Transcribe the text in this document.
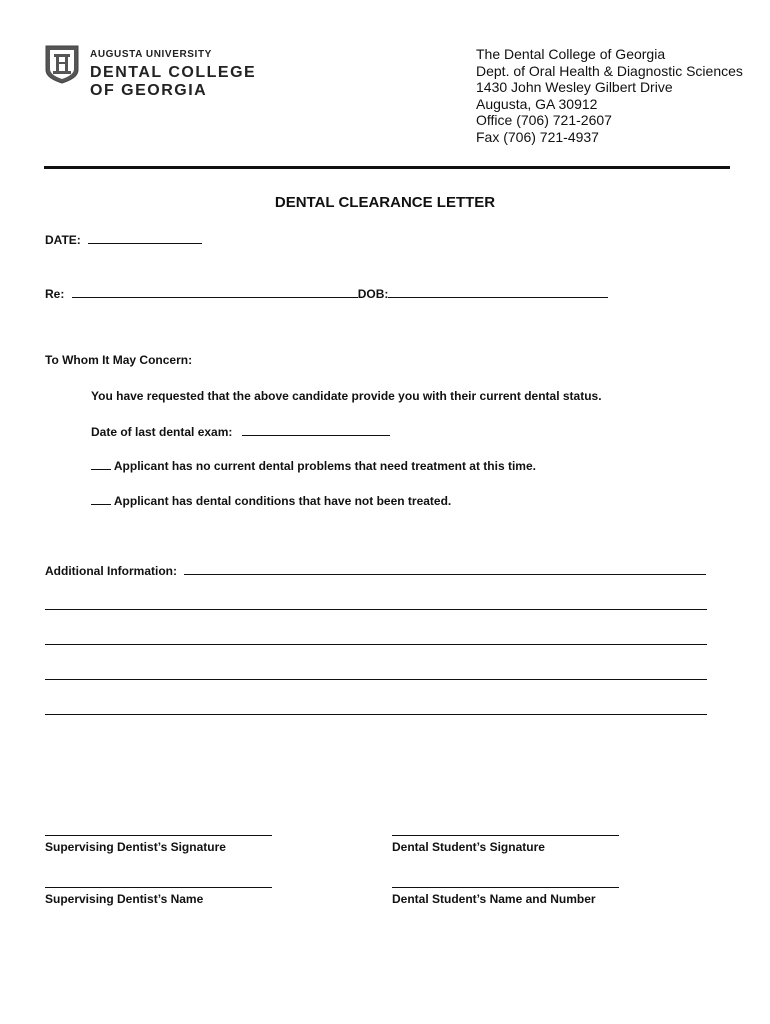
AUGUSTA UNIVERSITY
DENTAL COLLEGE
OF GEORGIA
The Dental College of Georgia
Dept. of Oral Health & Diagnostic Sciences
1430 John Wesley Gilbert Drive
Augusta, GA 30912
Office (706) 721-2607
Fax (706) 721-4937
DENTAL CLEARANCE LETTER
DATE:
Re:	DOB:
To Whom It May Concern:
You have requested that the above candidate provide you with their current dental status.
Date of last dental exam:
Applicant has no current dental problems that need treatment at this time.
Applicant has dental conditions that have not been treated.
Additional Information:
Supervising Dentist’s Signature	Dental Student’s Signature
Supervising Dentist’s Name	Dental Student’s Name and Number
